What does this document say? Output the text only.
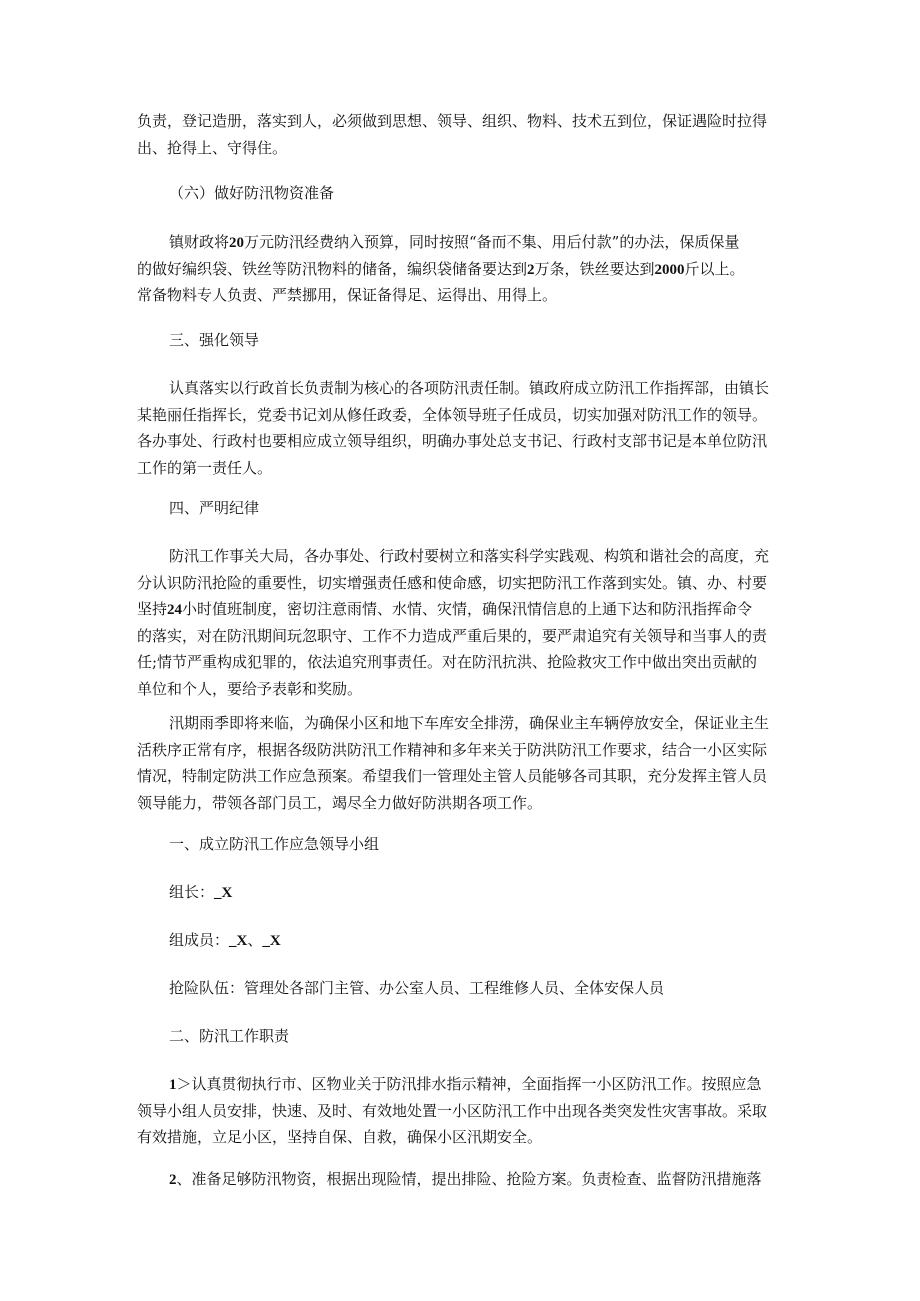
负责，登记造册，落实到人，必须做到思想、领导、组织、物料、技术五到位，保证遇险时拉得
出、抢得上、守得住。
（六）做好防汛物资准备
镇财政将20万元防汛经费纳入预算，同时按照“备而不集、用后付款”的办法，保质保量
的做好编织袋、铁丝等防汛物料的储备，编织袋储备要达到2万条，铁丝要达到2000斤以上。
常备物料专人负责、严禁挪用，保证备得足、运得出、用得上。
三、强化领导
认真落实以行政首长负责制为核心的各项防汛责任制。镇政府成立防汛工作指挥部，由镇长
某艳丽任指挥长，党委书记刘从修任政委，全体领导班子任成员，切实加强对防汛工作的领导。
各办事处、行政村也要相应成立领导组织，明确办事处总支书记、行政村支部书记是本单位防汛
工作的第一责任人。
四、严明纪律
防汛工作事关大局，各办事处、行政村要树立和落实科学实践观、构筑和谐社会的高度，充
分认识防汛抢险的重要性，切实增强责任感和使命感，切实把防汛工作落到实处。镇、办、村要
坚持24小时值班制度，密切注意雨情、水情、灾情，确保汛情信息的上通下达和防汛指挥命令
的落实，对在防汛期间玩忽职守、工作不力造成严重后果的，要严肃追究有关领导和当事人的责
任;情节严重构成犯罪的，依法追究刑事责任。对在防汛抗洪、抢险救灾工作中做出突出贡献的
单位和个人，要给予表彰和奖励。
汛期雨季即将来临，为确保小区和地下车库安全排涝，确保业主车辆停放安全，保证业主生
活秩序正常有序，根据各级防洪防汛工作精神和多年来关于防洪防汛工作要求，结合一小区实际
情况，特制定防洪工作应急预案。希望我们一管理处主管人员能够各司其职，充分发挥主管人员
领导能力，带领各部门员工，竭尽全力做好防洪期各项工作。
一、成立防汛工作应急领导小组
组长：_X
组成员：_X、_X
抢险队伍：管理处各部门主管、办公室人员、工程维修人员、全体安保人员
二、防汛工作职责
1＞认真贯彻执行市、区物业关于防汛排水指示精神，全面指挥一小区防汛工作。按照应急
领导小组人员安排，快速、及时、有效地处置一小区防汛工作中出现各类突发性灾害事故。采取
有效措施，立足小区，坚持自保、自救，确保小区汛期安全。
2、准备足够防汛物资，根据出现险情，提出排险、抢险方案。负责检查、监督防汛措施落
